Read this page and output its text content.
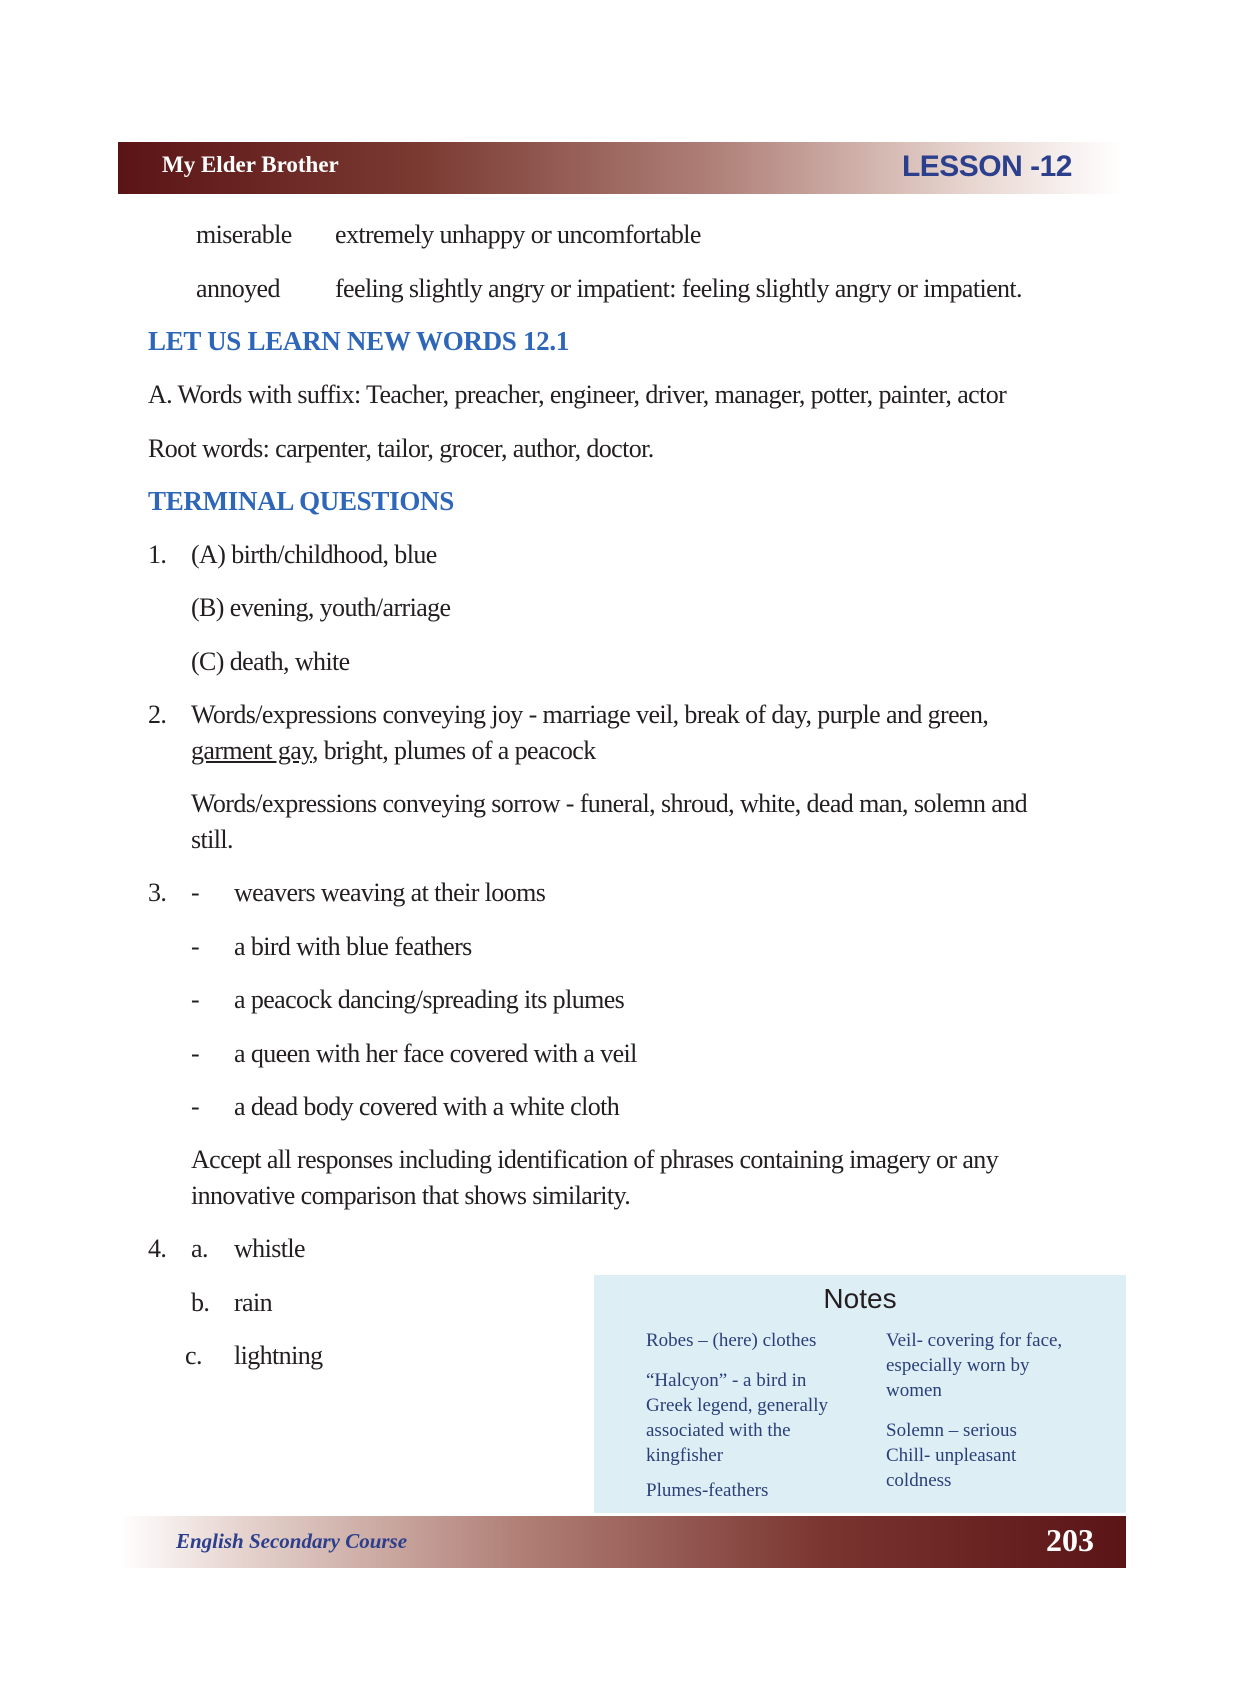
My Elder Brother	LESSON -12
miserable extremely unhappy or uncomfortable
annoyed feeling slightly angry or impatient: feeling slightly angry or impatient.
LET US LEARN NEW WORDS 12.1
A. Words with suffix: Teacher, preacher, engineer, driver, manager, potter, painter, actor
Root words: carpenter, tailor, grocer, author, doctor.
TERMINAL QUESTIONS
1. (A) birth/childhood, blue
(B) evening, youth/arriage
(C) death, white
2. Words/expressions conveying joy - marriage veil, break of day, purple and green,
garment gay, bright, plumes of a peacock
Words/expressions conveying sorrow - funeral, shroud, white, dead man, solemn and
still.
3. - weavers weaving at their looms
- a bird with blue feathers
- a peacock dancing/spreading its plumes
- a queen with her face covered with a veil
- a dead body covered with a white cloth
Accept all responses including identification of phrases containing imagery or any
innovative comparison that shows similarity.
4. a. whistle
b. rain
c. lightning
Notes
Robes – (here) clothes
“Halcyon” - a bird in Greek legend, generally associated with the kingfisher
Plumes-feathers
Veil- covering for face, especially worn by women
Solemn – serious
Chill- unpleasant coldness
English Secondary Course	203
